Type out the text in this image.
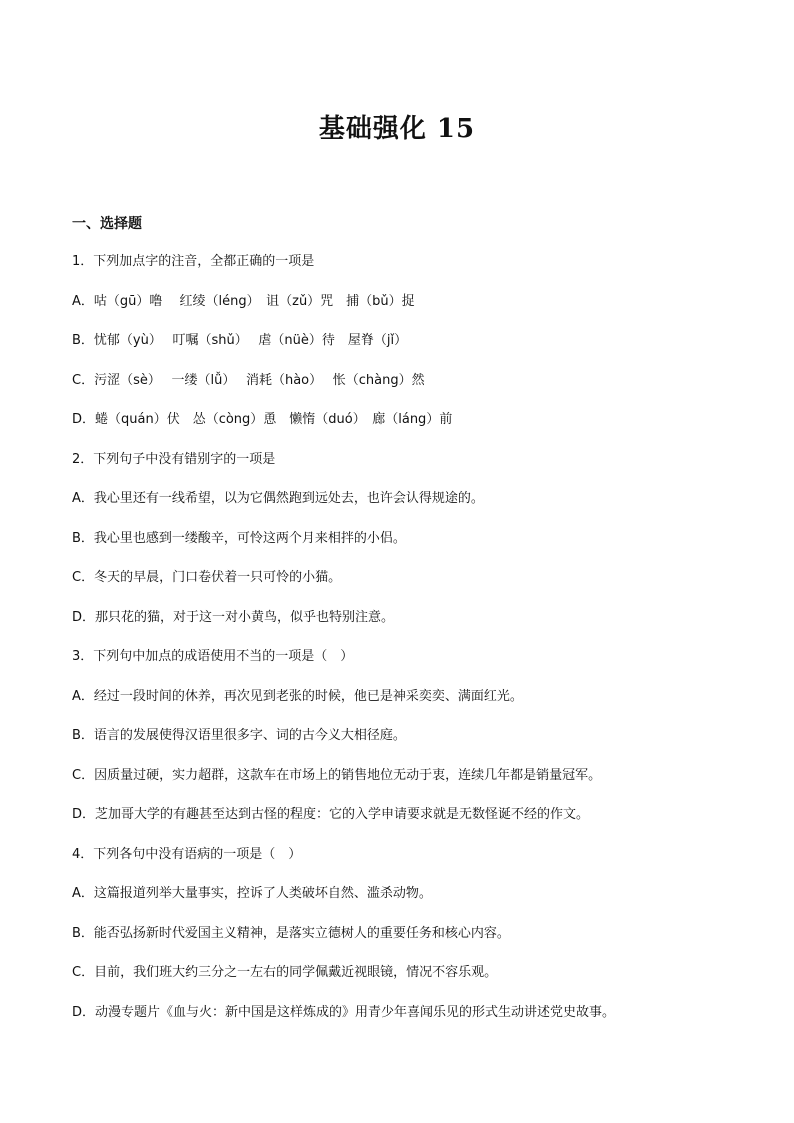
基础强化 15
一、选择题
1．下列加点字的注音，全都正确的一项是
A．咕（gū）噜　 红绫（léng）　诅（zǔ）咒　捕（bǔ）捉
B．忧郁（yù）　 叮嘱（shǔ）　 虐（nüè）待　屋脊（jǐ）
C．污涩（sè）　 一缕（lǚ）　 消耗（hào）　 怅（chàng）然
D．蜷（quán）伏　怂（còng）恿　懒惰（duó）　廊（láng）前
2．下列句子中没有错别字的一项是
A．我心里还有一线希望，以为它偶然跑到远处去，也许会认得规途的。
B．我心里也感到一缕酸辛，可怜这两个月来相拌的小侣。
C．冬天的早晨，门口卷伏着一只可怜的小猫。
D．那只花的猫，对于这一对小黄鸟，似乎也特别注意。
3．下列句中加点的成语使用不当的一项是（　）
A．经过一段时间的休养，再次见到老张的时候，他已是神采奕奕、满面红光。
B．语言的发展使得汉语里很多字、词的古今义大相径庭。
C．因质量过硬，实力超群，这款车在市场上的销售地位无动于衷，连续几年都是销量冠军。
D．芝加哥大学的有趣甚至达到古怪的程度：它的入学申请要求就是无数怪诞不经的作文。
4．下列各句中没有语病的一项是（　）
A．这篇报道列举大量事实，控诉了人类破坏自然、滥杀动物。
B．能否弘扬新时代爱国主义精神，是落实立德树人的重要任务和核心内容。
C．目前，我们班大约三分之一左右的同学佩戴近视眼镜，情况不容乐观。
D．动漫专题片《血与火：新中国是这样炼成的》用青少年喜闻乐见的形式生动讲述党史故事。
